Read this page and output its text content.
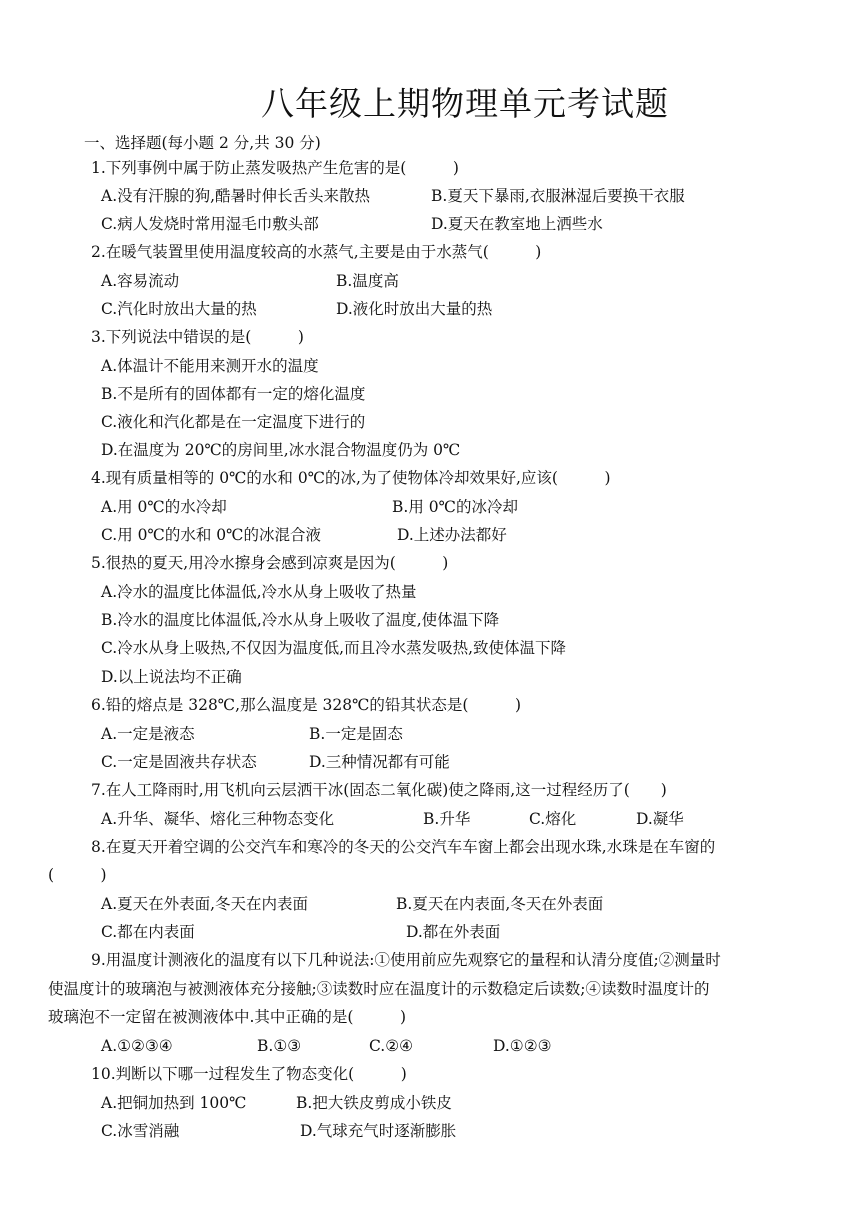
八年级上期物理单元考试题
一、选择题(每小题 2 分,共 30 分)
1.下列事例中属于防止蒸发吸热产生危害的是(　　　)
A.没有汗腺的狗,酷暑时伸长舌头来散热	B.夏天下暴雨,衣服淋湿后要换干衣服
C.病人发烧时常用湿毛巾敷头部	D.夏天在教室地上洒些水
2.在暖气装置里使用温度较高的水蒸气,主要是由于水蒸气(　　　)
A.容易流动	B.温度高
C.汽化时放出大量的热	D.液化时放出大量的热
3.下列说法中错误的是(　　　)
A.体温计不能用来测开水的温度
B.不是所有的固体都有一定的熔化温度
C.液化和汽化都是在一定温度下进行的
D.在温度为 20℃的房间里,冰水混合物温度仍为 0℃
4.现有质量相等的 0℃的水和 0℃的冰,为了使物体冷却效果好,应该(　　　)
A.用 0℃的水冷却	B.用 0℃的冰冷却
C.用 0℃的水和 0℃的冰混合液	D.上述办法都好
5.很热的夏天,用冷水擦身会感到凉爽是因为(　　　)
A.冷水的温度比体温低,冷水从身上吸收了热量
B.冷水的温度比体温低,冷水从身上吸收了温度,使体温下降
C.冷水从身上吸热,不仅因为温度低,而且冷水蒸发吸热,致使体温下降
D.以上说法均不正确
6.铅的熔点是 328℃,那么温度是 328℃的铅其状态是(　　　)
A.一定是液态	B.一定是固态
C.一定是固液共存状态	D.三种情况都有可能
7.在人工降雨时,用飞机向云层洒干冰(固态二氧化碳)使之降雨,这一过程经历了(　　)
A.升华、凝华、熔化三种物态变化	B.升华	C.熔化	D.凝华
8.在夏天开着空调的公交汽车和寒冷的冬天的公交汽车车窗上都会出现水珠,水珠是在车窗的
(　　　)
A.夏天在外表面,冬天在内表面	B.夏天在内表面,冬天在外表面
C.都在内表面	D.都在外表面
9.用温度计测液化的温度有以下几种说法:①使用前应先观察它的量程和认清分度值;②测量时
使温度计的玻璃泡与被测液体充分接触;③读数时应在温度计的示数稳定后读数;④读数时温度计的
玻璃泡不一定留在被测液体中.其中正确的是(　　　)
A.①②③④	B.①③	C.②④	D.①②③
10.判断以下哪一过程发生了物态变化(　　　)
A.把铜加热到 100℃	B.把大铁皮剪成小铁皮
C.冰雪消融	D.气球充气时逐渐膨胀
